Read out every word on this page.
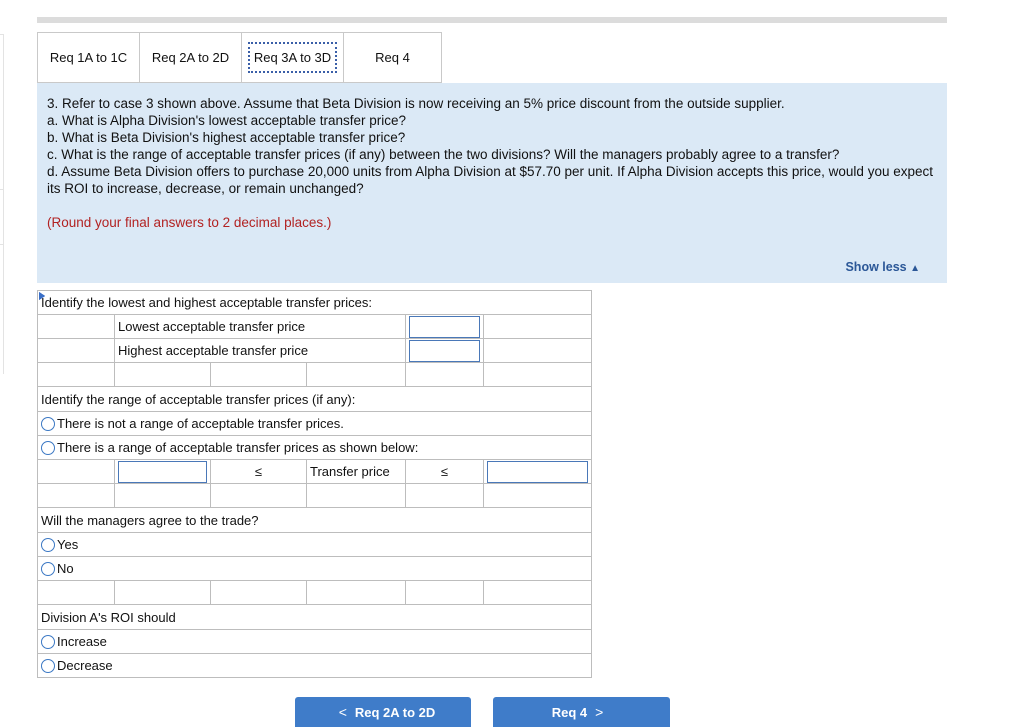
Req 1A to 1C Req 2A to 2D	Req 3A to 3D	Req 4

3. Refer to case 3 shown above. Assume that Beta Division is now receiving an 5% price discount from the outside supplier.

a. What is Alpha Division's lowest acceptable transfer price?

b. What is Beta Division's highest acceptable transfer price?

c. What is the range of acceptable transfer prices (if any) between the two divisions? Will the managers probably agree to a transfer?

d. Assume Beta Division offers to purchase 20,000 units from Alpha Division at $57.70 per unit. If Alpha Division accepts this price, would you expect its ROI to increase, decrease, or remain unchanged?

(Round your final answers to 2 decimal places.)

Show less ▲
Identify the lowest and highest acceptable transfer prices:					
	Lowest acceptable transfer price	

	Highest acceptable transfer price	

Identify the range of acceptable transfer prices (if any):					
There is not a range of acceptable transfer prices.					
There is a range of acceptable transfer prices as shown below:					

	≤	Transfer price	≤	

Will the managers agree to the trade?					
Yes					
No					

Division A's ROI should					
Increase					
Decrease					
< Req 2A to 2D	Req 4 >
